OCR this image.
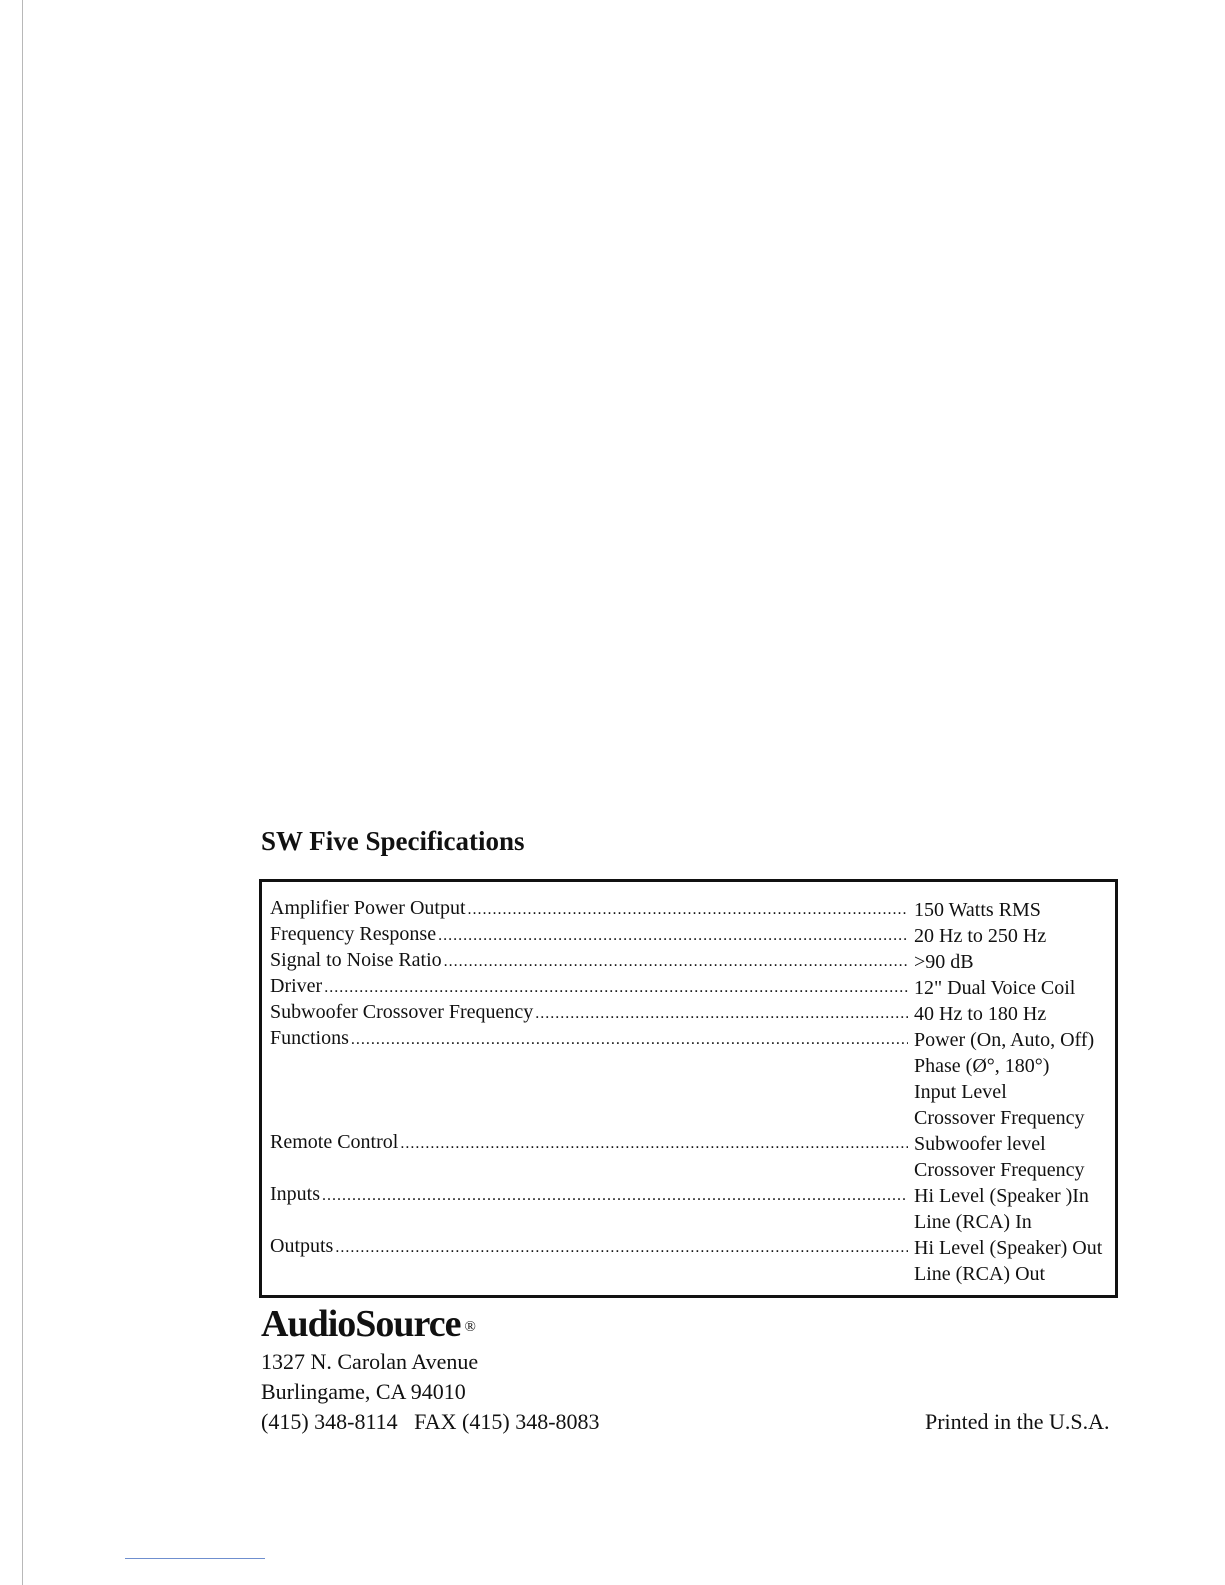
SW Five Specifications
Amplifier Power Output .....	150 Watts RMS
Frequency Response .....	20 Hz to 250 Hz
Signal to Noise Ratio .....	>90 dB
Driver .....	12" Dual Voice Coil
Subwoofer Crossover Frequency .....	40 Hz to 180 Hz
Functions .....	Power (On, Auto, Off)
Phase (Ø°, 180°)
Input Level
Crossover Frequency
Remote Control .....	Subwoofer level
Crossover Frequency
Inputs .....	Hi Level (Speaker )In
Line (RCA) In
Outputs .....	Hi Level (Speaker) Out
Line (RCA) Out
AudioSource ®
1327 N. Carolan Avenue
Burlingame, CA 94010
(415) 348-8114   FAX (415) 348-8083	Printed in the U.S.A.
